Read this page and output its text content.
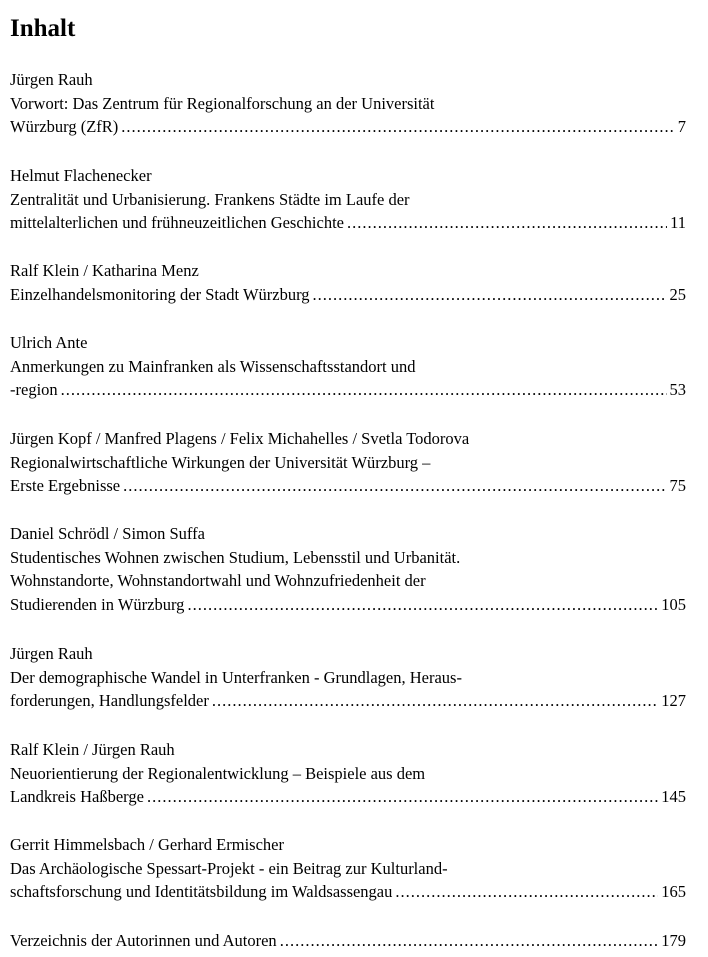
Inhalt
Jürgen Rauh
Vorwort: Das Zentrum für Regionalforschung an der Universität
Würzburg (ZfR) .....	7
Helmut Flachenecker
Zentralität und Urbanisierung. Frankens Städte im Laufe der
mittelalterlichen und frühneuzeitlichen Geschichte .....	11
Ralf Klein / Katharina Menz
Einzelhandelsmonitoring der Stadt Würzburg .....	25
Ulrich Ante
Anmerkungen zu Mainfranken als Wissenschaftsstandort und
-region .....	53
Jürgen Kopf / Manfred Plagens / Felix Michahelles / Svetla Todorova
Regionalwirtschaftliche Wirkungen der Universität Würzburg –
Erste Ergebnisse .....	75
Daniel Schrödl / Simon Suffa
Studentisches Wohnen zwischen Studium, Lebensstil und Urbanität.
Wohnstandorte, Wohnstandortwahl und Wohnzufriedenheit der
Studierenden in Würzburg .....	105
Jürgen Rauh
Der demographische Wandel in Unterfranken - Grundlagen, Heraus-
forderungen, Handlungsfelder .....	127
Ralf Klein / Jürgen Rauh
Neuorientierung der Regionalentwicklung – Beispiele aus dem
Landkreis Haßberge .....	145
Gerrit Himmelsbach / Gerhard Ermischer
Das Archäologische Spessart-Projekt - ein Beitrag zur Kulturland-
schaftsforschung und Identitätsbildung im Waldsassengau .....	165
Verzeichnis der Autorinnen und Autoren .....	179
